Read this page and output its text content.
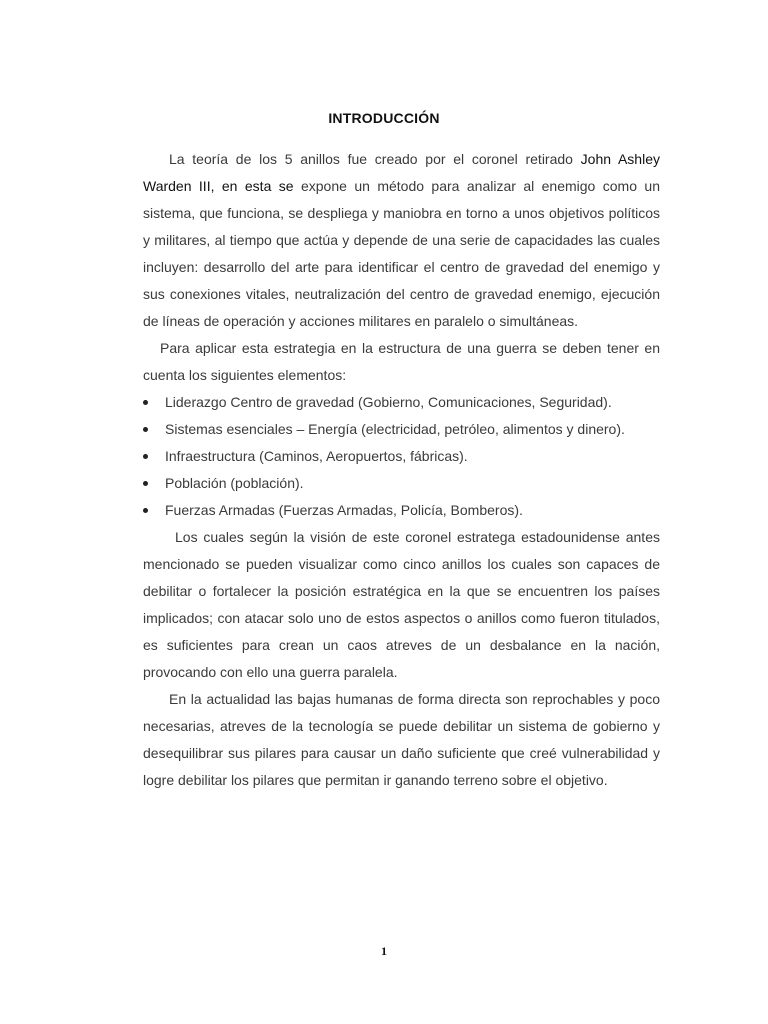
INTRODUCCIÓN

La teoría de los 5 anillos fue creado por el coronel retirado John Ashley Warden III, en esta se expone un método para analizar al enemigo como un sistema, que funciona, se despliega y maniobra en torno a unos objetivos políticos y militares, al tiempo que actúa y depende de una serie de capacidades las cuales incluyen: desarrollo del arte para identificar el centro de gravedad del enemigo y sus conexiones vitales, neutralización del centro de gravedad enemigo, ejecución de líneas de operación y acciones militares en paralelo o simultáneas.

Para aplicar esta estrategia en la estructura de una guerra se deben tener en cuenta los siguientes elementos:

Liderazgo Centro de gravedad (Gobierno, Comunicaciones, Seguridad).
Sistemas esenciales – Energía (electricidad, petróleo, alimentos y dinero).
Infraestructura (Caminos, Aeropuertos, fábricas).
Población (población).
Fuerzas Armadas (Fuerzas Armadas, Policía, Bomberos).

Los cuales según la visión de este coronel estratega estadounidense antes mencionado se pueden visualizar como cinco anillos los cuales son capaces de debilitar o fortalecer la posición estratégica en la que se encuentren los países implicados; con atacar solo uno de estos aspectos o anillos como fueron titulados, es suficientes para crean un caos atreves de un desbalance en la nación, provocando con ello una guerra paralela.

En la actualidad las bajas humanas de forma directa son reprochables y poco necesarias, atreves de la tecnología se puede debilitar un sistema de gobierno y desequilibrar sus pilares para causar un daño suficiente que creé vulnerabilidad y logre debilitar los pilares que permitan ir ganando terreno sobre el objetivo.

1
